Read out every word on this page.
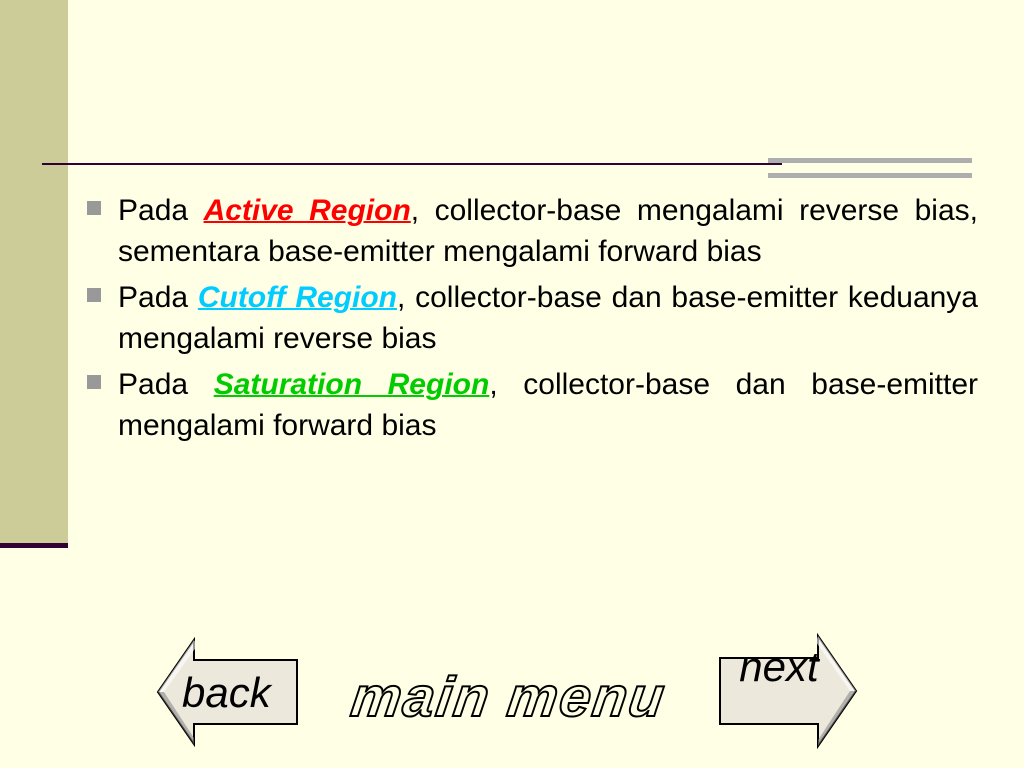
Pada Active Region, collector-base mengalami reverse bias, sementara base-emitter mengalami forward bias
Pada Cutoff Region, collector-base dan base-emitter keduanya mengalami reverse bias
Pada Saturation Region, collector-base dan base-emitter mengalami forward bias
back main menu next
